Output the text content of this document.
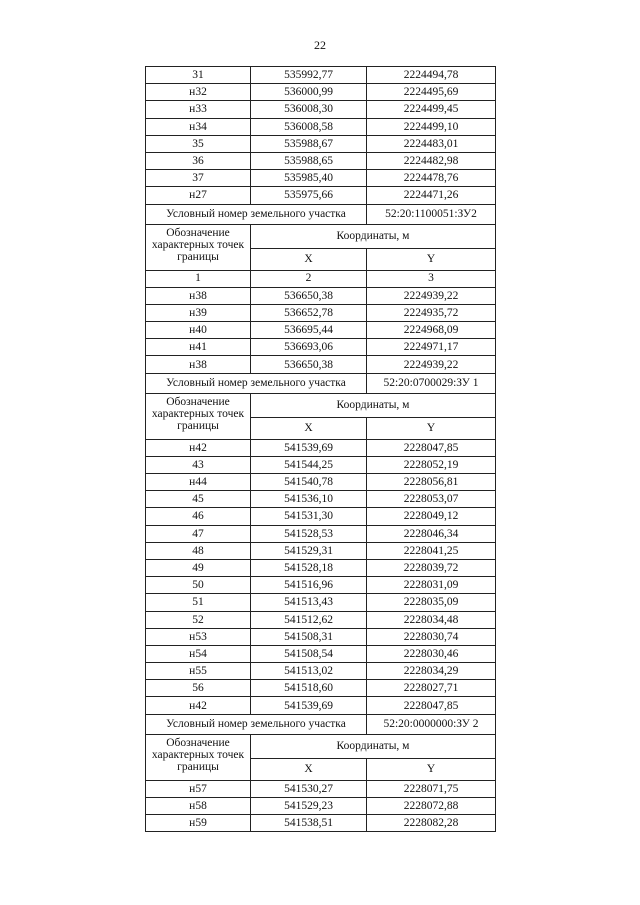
22
31	535992,77	2224494,78
н32	536000,99	2224495,69
н33	536008,30	2224499,45
н34	536008,58	2224499,10
35	535988,67	2224483,01
36	535988,65	2224482,98
37	535985,40	2224478,76
н27	535975,66	2224471,26
Условный номер земельного участка		52:20:1100051:ЗУ2
Обозначение характерных точек границы	Координаты, м	
	X	Y
1	2	3
н38	536650,38	2224939,22
н39	536652,78	2224935,72
н40	536695,44	2224968,09
н41	536693,06	2224971,17
н38	536650,38	2224939,22
Условный номер земельного участка		52:20:0700029:ЗУ 1
Обозначение характерных точек границы	Координаты, м	
	X	Y
н42	541539,69	2228047,85
43	541544,25	2228052,19
н44	541540,78	2228056,81
45	541536,10	2228053,07
46	541531,30	2228049,12
47	541528,53	2228046,34
48	541529,31	2228041,25
49	541528,18	2228039,72
50	541516,96	2228031,09
51	541513,43	2228035,09
52	541512,62	2228034,48
н53	541508,31	2228030,74
н54	541508,54	2228030,46
н55	541513,02	2228034,29
56	541518,60	2228027,71
н42	541539,69	2228047,85
Условный номер земельного участка		52:20:0000000:ЗУ 2
Обозначение характерных точек границы	Координаты, м	
	X	Y
н57	541530,27	2228071,75
н58	541529,23	2228072,88
н59	541538,51	2228082,28
